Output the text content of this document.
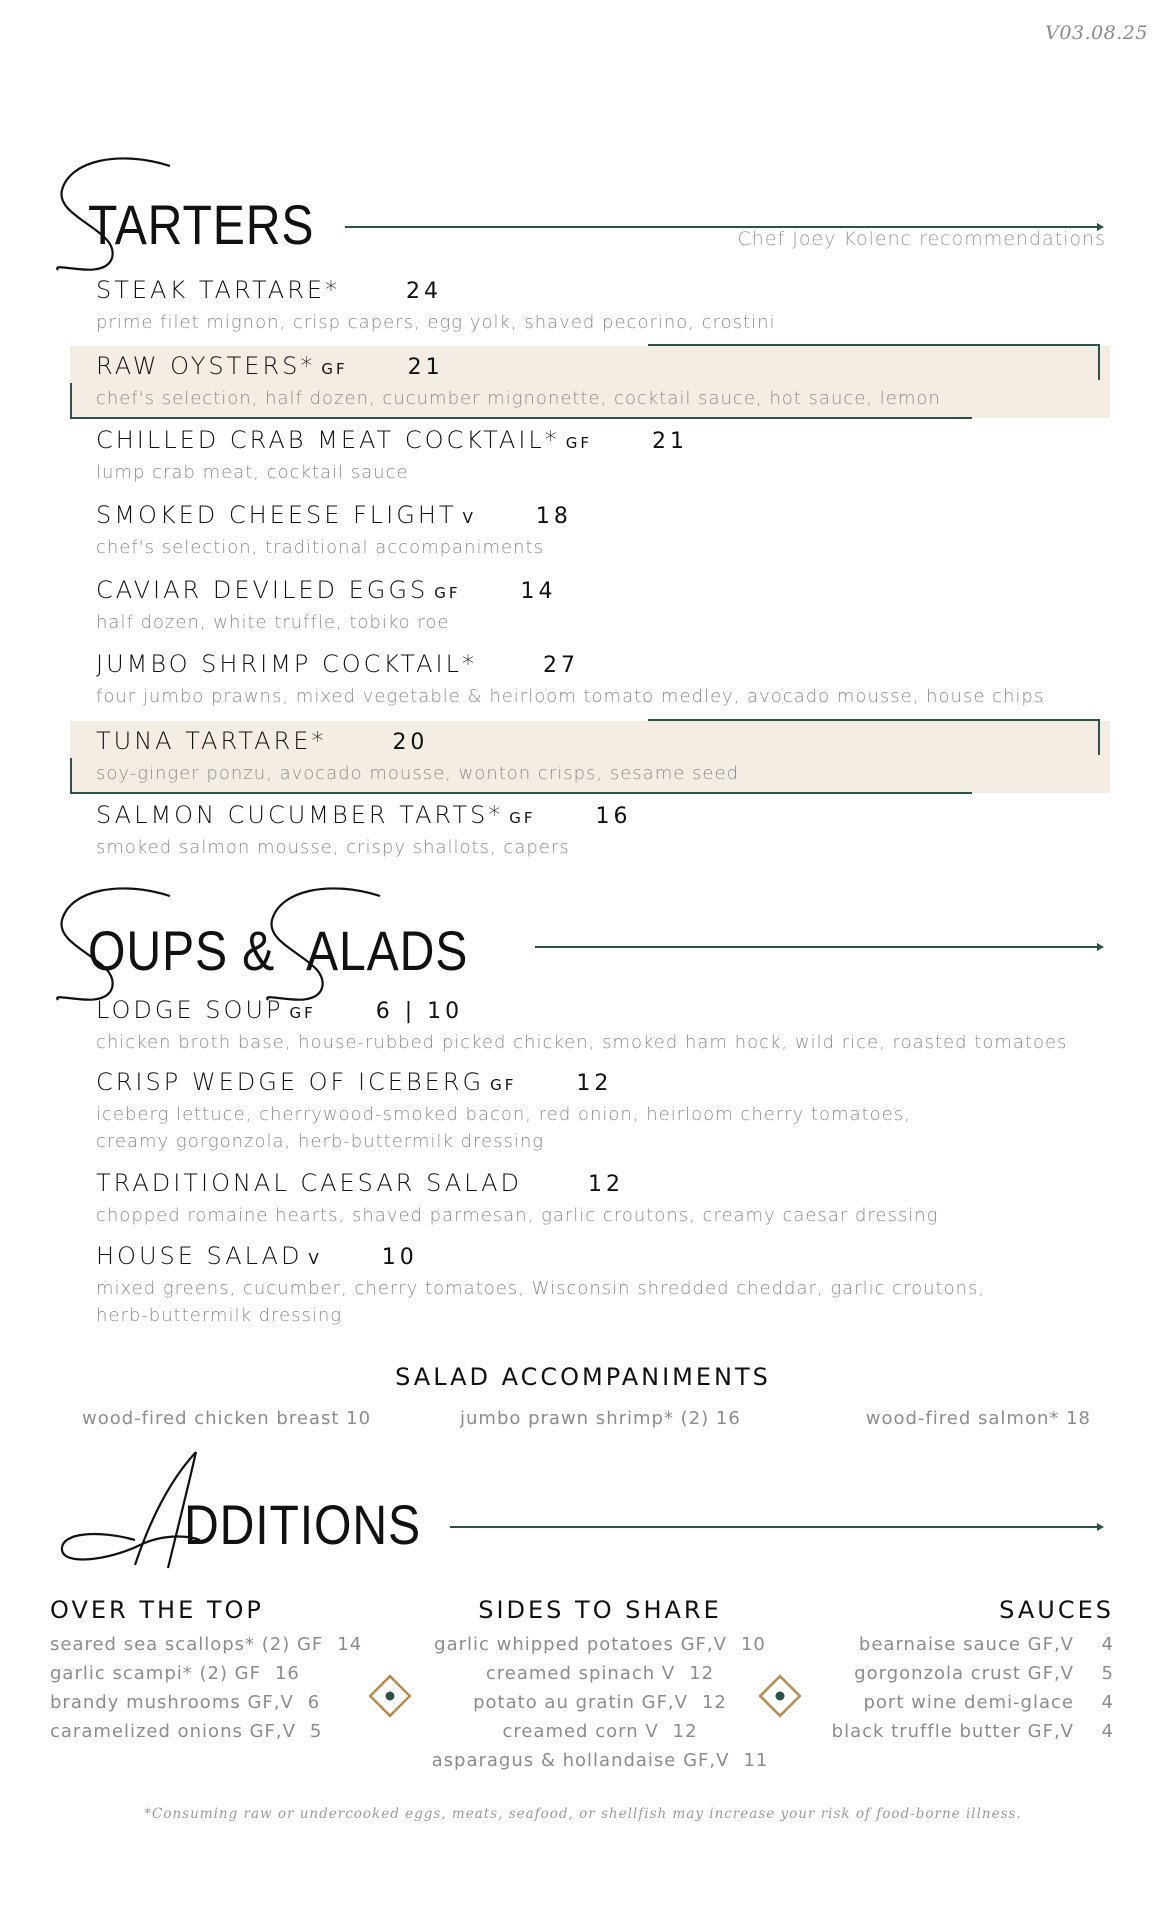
V03.08.25
TARTERS	Chef Joey Kolenc recommendations
STEAK TARTARE*	24
prime filet mignon, crisp capers, egg yolk, shaved pecorino, crostini
RAW OYSTERS* GF	21
chef's selection, half dozen, cucumber mignonette, cocktail sauce, hot sauce, lemon
CHILLED CRAB MEAT COCKTAIL* GF	21
lump crab meat, cocktail sauce
SMOKED CHEESE FLIGHT V	18
chef's selection, traditional accompaniments
CAVIAR DEVILED EGGS GF	14
half dozen, white truffle, tobiko roe
JUMBO SHRIMP COCKTAIL*	27
four jumbo prawns, mixed vegetable & heirloom tomato medley, avocado mousse, house chips
TUNA TARTARE*	20
soy-ginger ponzu, avocado mousse, wonton crisps, sesame seed
SALMON CUCUMBER TARTS* GF	16
smoked salmon mousse, crispy shallots, capers
OUPS & ALADS
LODGE SOUP GF	6 | 10
chicken broth base, house-rubbed picked chicken, smoked ham hock, wild rice, roasted tomatoes
CRISP WEDGE OF ICEBERG GF	12
iceberg lettuce, cherrywood-smoked bacon, red onion, heirloom cherry tomatoes,
creamy gorgonzola, herb-buttermilk dressing
TRADITIONAL CAESAR SALAD	12
chopped romaine hearts, shaved parmesan, garlic croutons, creamy caesar dressing
HOUSE SALAD V	10
mixed greens, cucumber, cherry tomatoes, Wisconsin shredded cheddar, garlic croutons,
herb-buttermilk dressing
SALAD ACCOMPANIMENTS
wood-fired chicken breast 10	jumbo prawn shrimp* (2) 16	wood-fired salmon* 18
DDITIONS
OVER THE TOP	SIDES TO SHARE	SAUCES
seared sea scallops* (2) GF 14
garlic scampi* (2) GF 16
brandy mushrooms GF,V 6
caramelized onions GF,V 5
garlic whipped potatoes GF,V 10
creamed spinach V 12
potato au gratin GF,V 12
creamed corn V 12
asparagus & hollandaise GF,V 11
bearnaise sauce GF,V 4
gorgonzola crust GF,V 5
port wine demi-glace 4
black truffle butter GF,V 4
*Consuming raw or undercooked eggs, meats, seafood, or shellfish may increase your risk of food-borne illness.
